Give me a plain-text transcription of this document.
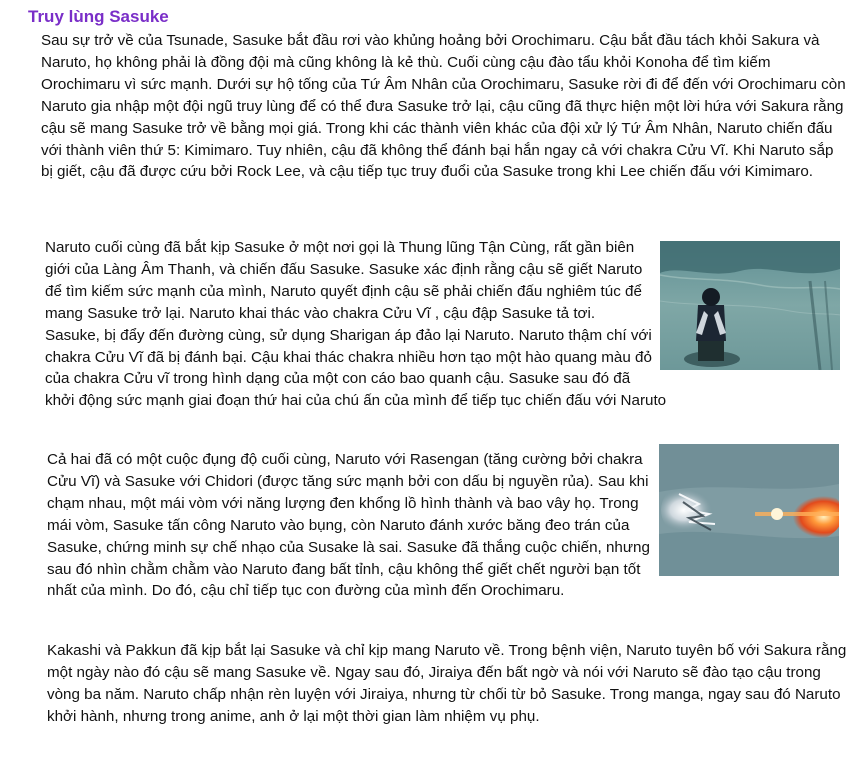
Truy lùng Sasuke

Sau sự trở về của Tsunade, Sasuke bắt đầu rơi vào khủng hoảng bởi Orochimaru. Cậu bắt đầu tách khỏi Sakura và Naruto, họ không phải là đồng đội mà cũng không là kẻ thù. Cuối cùng cậu đào tẩu khỏi Konoha để tìm kiếm Orochimaru vì sức mạnh. Dưới sự hộ tống của Tứ Âm Nhân của Orochimaru, Sasuke rời đi để đến với Orochimaru còn Naruto gia nhập một đội ngũ truy lùng để có thể đưa Sasuke trở lại, cậu cũng đã thực hiện một lời hứa với Sakura rằng cậu sẽ mang Sasuke trở về bằng mọi giá. Trong khi các thành viên khác của đội xử lý Tứ Âm Nhân, Naruto chiến đấu với thành viên thứ 5: Kimimaro. Tuy nhiên, cậu đã không thể đánh bại hắn ngay cả với chakra Cửu Vĩ. Khi Naruto sắp bị giết, cậu đã được cứu bởi Rock Lee, và cậu tiếp tục truy đuổi của Sasuke trong khi Lee chiến đấu với Kimimaro.

Naruto cuối cùng đã bắt kịp Sasuke ở một nơi gọi là Thung lũng Tận Cùng, rất gần biên giới của Làng Âm Thanh, và chiến đấu Sasuke. Sasuke xác định rằng cậu sẽ giết Naruto để tìm kiếm sức mạnh của mình, Naruto quyết định cậu sẽ phải chiến đấu nghiêm túc để mang Sasuke trở lại. Naruto khai thác vào chakra Cửu Vĩ , cậu đập Sasuke tả tơi. Sasuke, bị đẩy đến đường cùng, sử dụng Sharigan áp đảo lại Naruto. Naruto thậm chí với chakra Cửu Vĩ đã bị đánh bại. Cậu khai thác chakra nhiều hơn tạo một hào quang màu đỏ của chakra Cửu vĩ trong hình dạng của một con cáo bao quanh cậu. Sasuke sau đó đã khởi động sức mạnh giai đoạn thứ hai của chú ấn của mình để tiếp tục chiến đấu với Naruto
Cả hai đã có một cuộc đụng độ cuối cùng, Naruto với Rasengan (tăng cường bởi chakra Cửu Vĩ) và Sasuke với Chidori (được tăng sức mạnh bởi con dấu bị nguyền rủa). Sau khi chạm nhau, một mái vòm với năng lượng đen khổng lồ hình thành và bao vây họ. Trong mái vòm, Sasuke tấn công Naruto vào bụng, còn Naruto đánh xước băng đeo trán của Sasuke, chứng minh sự chế nhạo của Susake là sai. Sasuke đã thắng cuộc chiến, nhưng sau đó nhìn chằm chằm vào Naruto đang bất tỉnh, cậu không thể giết chết người bạn tốt nhất của mình. Do đó, cậu chỉ tiếp tục con đường của mình đến Orochimaru.

Kakashi và Pakkun đã kịp bắt lại Sasuke và chỉ kịp mang Naruto về. Trong bệnh viện, Naruto tuyên bố với Sakura rằng một ngày nào đó cậu sẽ mang Sasuke về. Ngay sau đó, Jiraiya đến bất ngờ và nói với Naruto sẽ đào tạo cậu trong vòng ba năm. Naruto chấp nhận rèn luyện với Jiraiya, nhưng từ chối từ bỏ Sasuke. Trong manga, ngay sau đó Naruto khởi hành, nhưng trong anime, anh ở lại một thời gian làm nhiệm vụ phụ.
